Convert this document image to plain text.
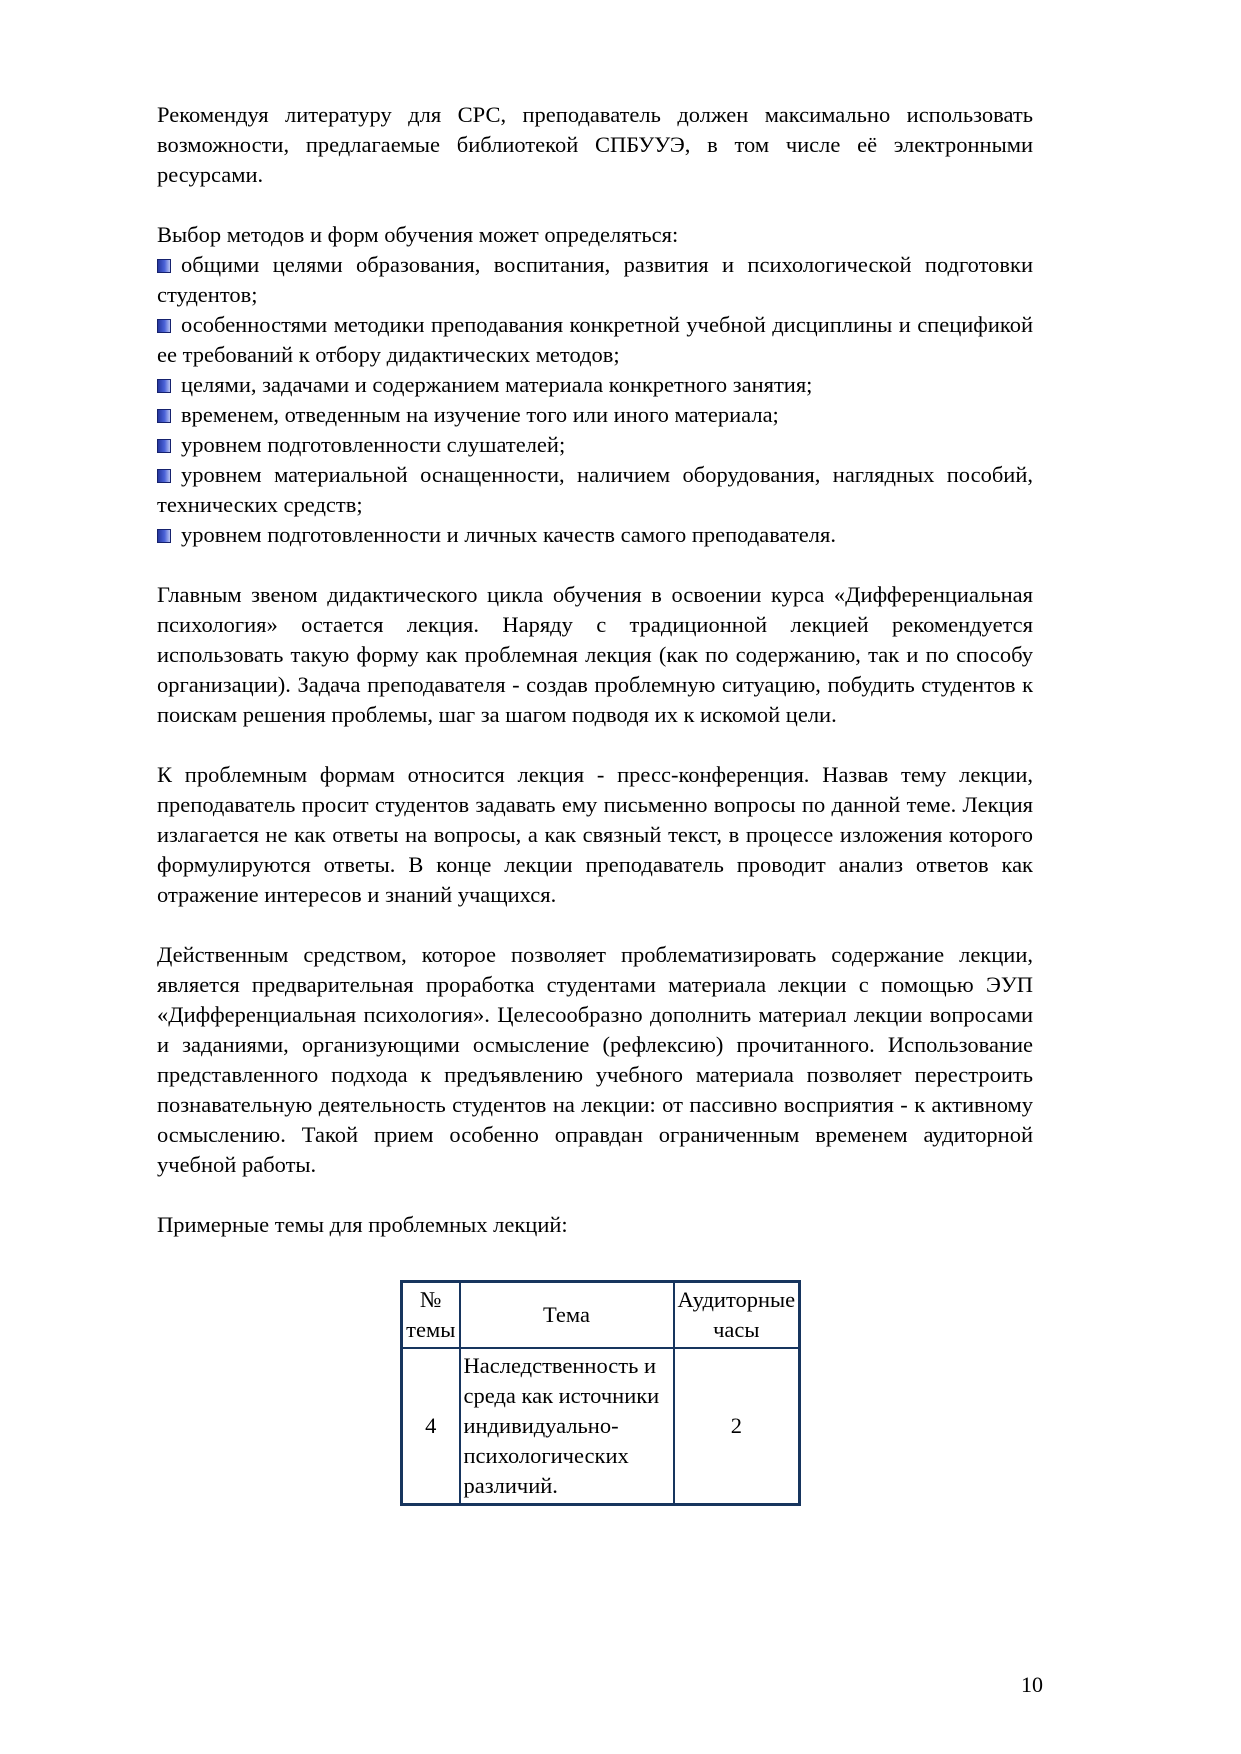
Рекомендуя литературу для СРС, преподаватель должен максимально использовать возможности, предлагаемые библиотекой СПБУУЭ, в том числе её электронными ресурсами.

Выбор методов и форм обучения может определяться:

общими целями образования, воспитания, развития и психологической подготовки студентов;

особенностями методики преподавания конкретной учебной дисциплины и спецификой ее требований к отбору дидактических методов;

целями, задачами и содержанием материала конкретного занятия;

временем, отведенным на изучение того или иного материала;

уровнем подготовленности слушателей;

уровнем материальной оснащенности, наличием оборудования, наглядных пособий, технических средств;

уровнем подготовленности и личных качеств самого преподавателя.

Главным звеном дидактического цикла обучения в освоении курса «Дифференциальная психология» остается лекция. Наряду с традиционной лекцией рекомендуется использовать такую форму как проблемная лекция (как по содержанию, так и по способу организации). Задача преподавателя - создав проблемную ситуацию, побудить студентов к поискам решения проблемы, шаг за шагом подводя их к искомой цели.

К проблемным формам относится лекция - пресс-конференция. Назвав тему лекции, преподаватель просит студентов задавать ему письменно вопросы по данной теме. Лекция излагается не как ответы на вопросы, а как связный текст, в процессе изложения которого формулируются ответы. В конце лекции преподаватель проводит анализ ответов как отражение интересов и знаний учащихся.

Действенным средством, которое позволяет проблематизировать содержание лекции, является предварительная проработка студентами материала лекции с помощью ЭУП «Дифференциальная психология». Целесообразно дополнить материал лекции вопросами и заданиями, организующими осмысление (рефлексию) прочитанного. Использование представленного подхода к предъявлению учебного материала позволяет перестроить познавательную деятельность студентов на лекции: от пассивно восприятия - к активному осмыслению. Такой прием особенно оправдан ограниченным временем аудиторной учебной работы.

Примерные темы для проблемных лекций:

№ темы	Тема	Аудиторные часы
4	Наследственность и среда как источники индивидуально-психологических различий.	2
10
